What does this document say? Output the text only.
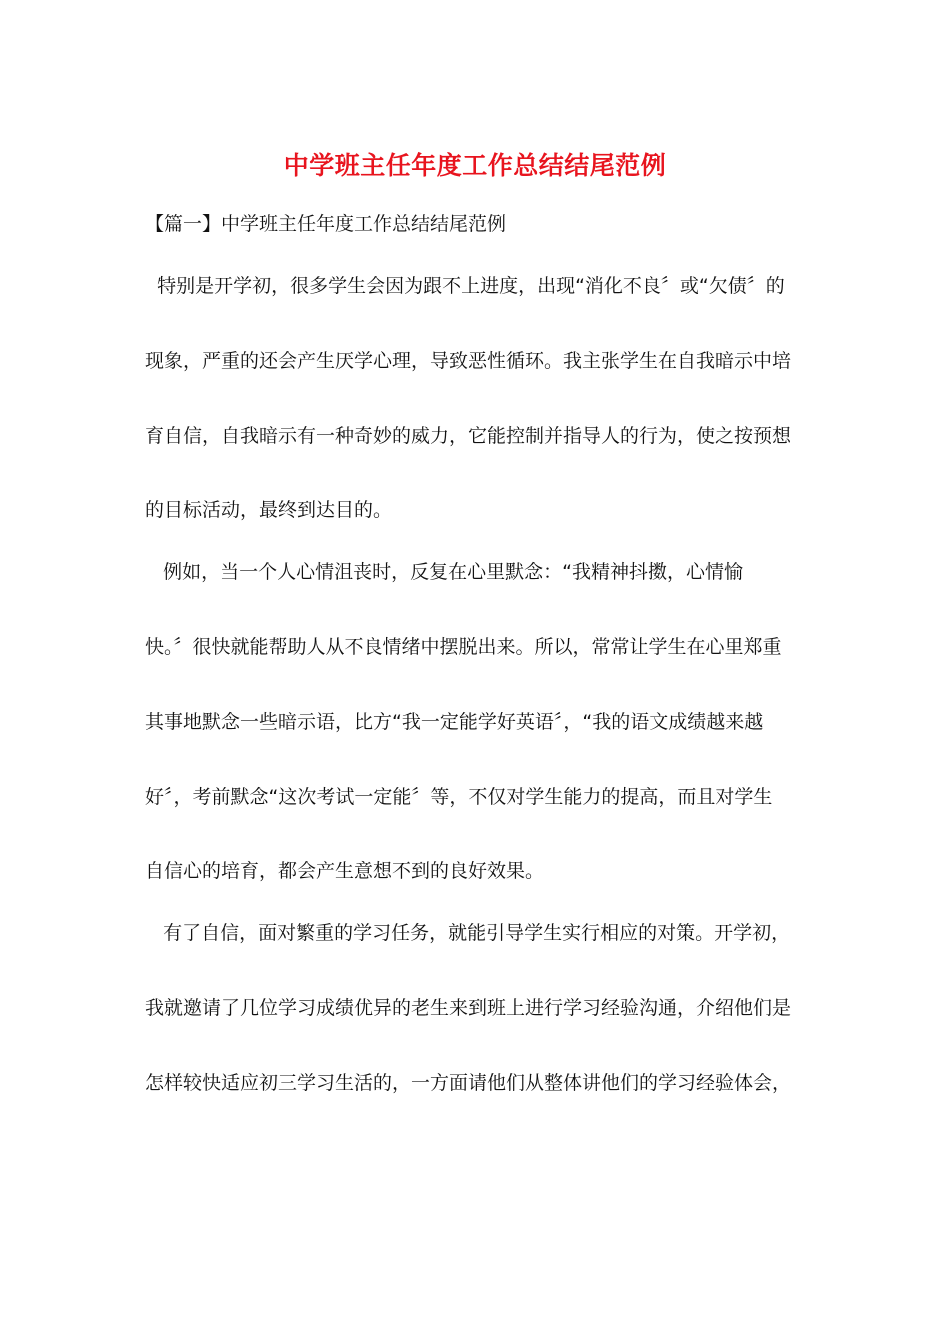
中学班主任年度工作总结结尾范例

【篇一】中学班主任年度工作总结结尾范例

特别是开学初，很多学生会因为跟不上进度，出现“消化不良〞或“欠债〞的

现象，严重的还会产生厌学心理，导致恶性循环。我主张学生在自我暗示中培

育自信，自我暗示有一种奇妙的威力，它能控制并指导人的行为，使之按预想

的目标活动，最终到达目的。

例如，当一个人心情沮丧时，反复在心里默念：“我精神抖擞，心情愉

快。〞很快就能帮助人从不良情绪中摆脱出来。所以，常常让学生在心里郑重

其事地默念一些暗示语，比方“我一定能学好英语〞，“我的语文成绩越来越

好〞，考前默念“这次考试一定能〞等，不仅对学生能力的提高，而且对学生

自信心的培育，都会产生意想不到的良好效果。

有了自信，面对繁重的学习任务，就能引导学生实行相应的对策。开学初，

我就邀请了几位学习成绩优异的老生来到班上进行学习经验沟通，介绍他们是

怎样较快适应初三学习生活的，一方面请他们从整体讲他们的学习经验体会，
